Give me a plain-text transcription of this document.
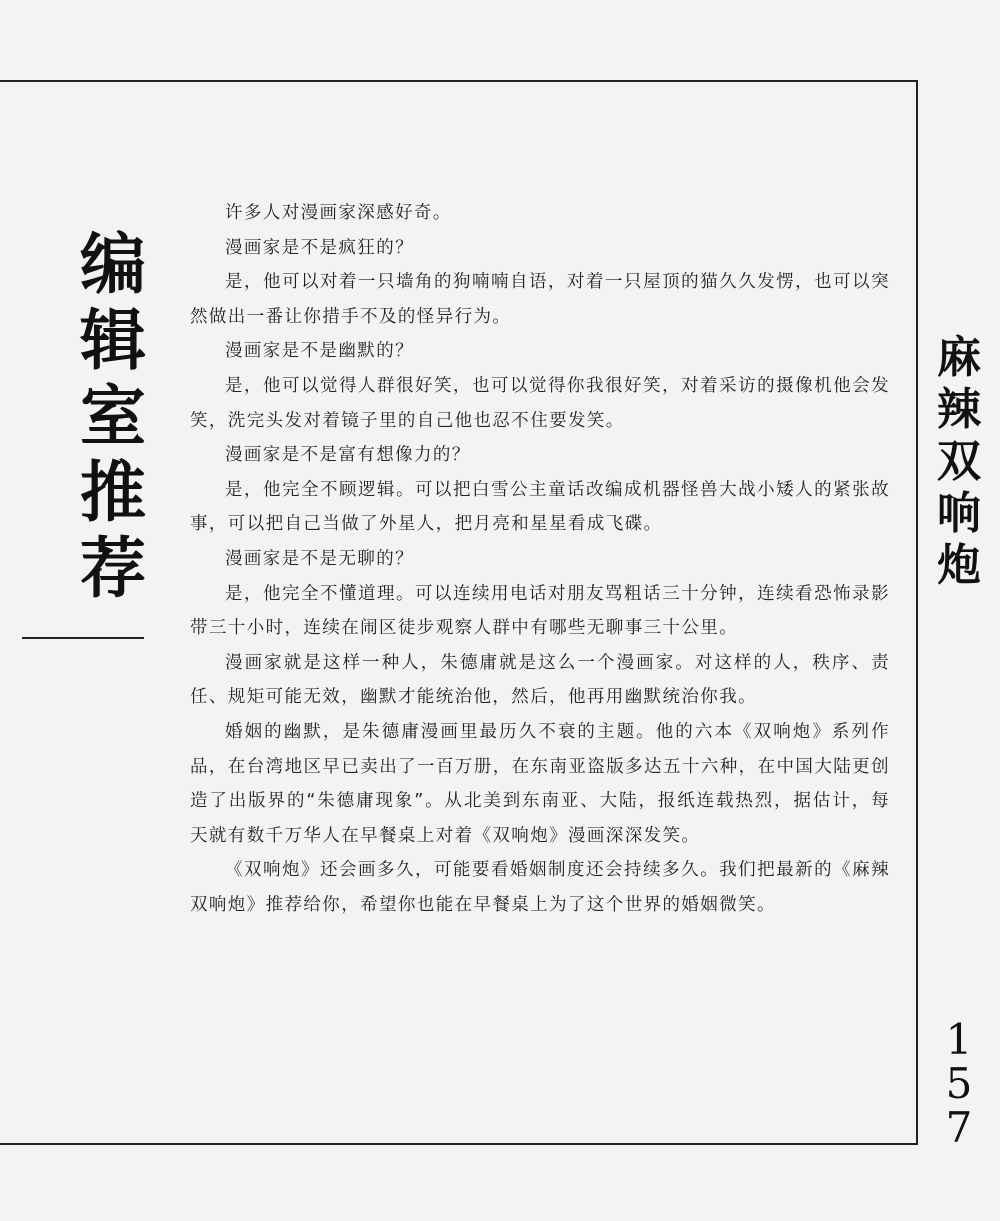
编
辑
室
推
荐

许多人对漫画家深感好奇。

漫画家是不是疯狂的？

是，他可以对着一只墙角的狗喃喃自语，对着一只屋顶的猫久久发愣，也可以突然做出一番让你措手不及的怪异行为。

漫画家是不是幽默的？

是，他可以觉得人群很好笑，也可以觉得你我很好笑，对着采访的摄像机他会发笑，洗完头发对着镜子里的自己他也忍不住要发笑。

漫画家是不是富有想像力的？

是，他完全不顾逻辑。可以把白雪公主童话改编成机器怪兽大战小矮人的紧张故事，可以把自己当做了外星人，把月亮和星星看成飞碟。

漫画家是不是无聊的？

是，他完全不懂道理。可以连续用电话对朋友骂粗话三十分钟，连续看恐怖录影带三十小时，连续在闹区徒步观察人群中有哪些无聊事三十公里。

漫画家就是这样一种人，朱德庸就是这么一个漫画家。对这样的人，秩序、责任、规矩可能无效，幽默才能统治他，然后，他再用幽默统治你我。

婚姻的幽默，是朱德庸漫画里最历久不衰的主题。他的六本《双响炮》系列作品，在台湾地区早已卖出了一百万册，在东南亚盗版多达五十六种，在中国大陆更创造了出版界的“朱德庸现象”。从北美到东南亚、大陆，报纸连载热烈，据估计，每天就有数千万华人在早餐桌上对着《双响炮》漫画深深发笑。

《双响炮》还会画多久，可能要看婚姻制度还会持续多久。我们把最新的《麻辣双响炮》推荐给你，希望你也能在早餐桌上为了这个世界的婚姻微笑。

麻
辣
双
响
炮
1
5
7
